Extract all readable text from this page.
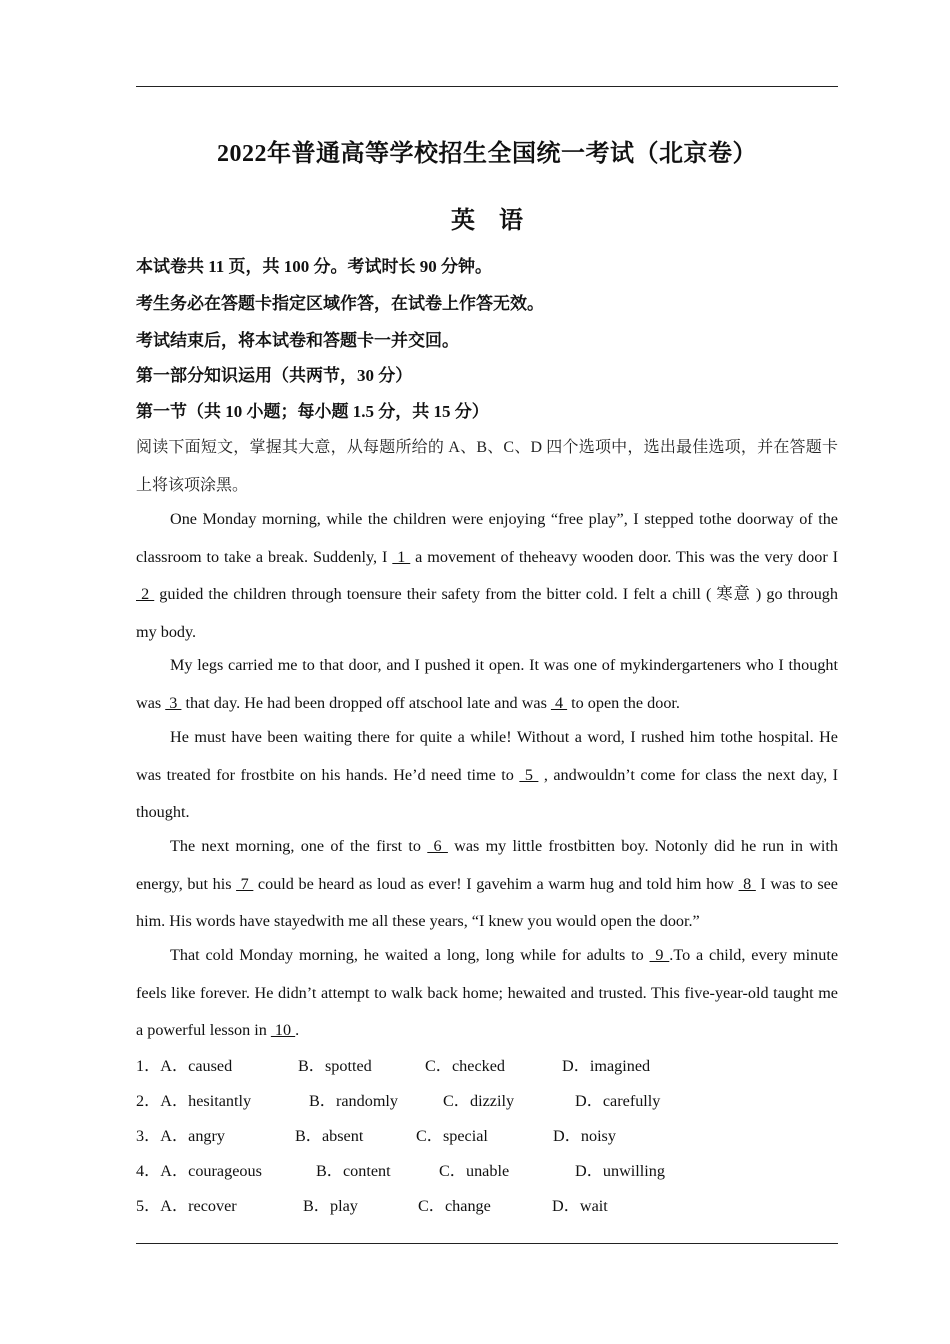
2022年普通高等学校招生全国统一考试（北京卷）
英语
本试卷共 11 页，共 100 分。考试时长 90 分钟。
考生务必在答题卡指定区域作答，在试卷上作答无效。
考试结束后，将本试卷和答题卡一并交回。
第一部分知识运用（共两节，30 分）
第一节（共 10 小题；每小题 1.5 分，共 15 分）
阅读下面短文，掌握其大意，从每题所给的 A、B、C、D 四个选项中，选出最佳选项，并在答题卡上将该项涂黑。
One Monday morning, while the children were enjoying “free play”, I stepped tothe doorway of the classroom to take a break. Suddenly, I  1  a movement of theheavy wooden door. This was the very door I  2  guided the children through toensure their safety from the bitter cold. I felt a chill ( 寒意 ) go through my body.
My legs carried me to that door, and I pushed it open. It was one of mykindergarteners who I thought was  3  that day. He had been dropped off atschool late and was  4  to open the door.
He must have been waiting there for quite a while! Without a word, I rushed him tothe hospital. He was treated for frostbite on his hands. He’d need time to  5  , andwouldn’t come for class the next day, I thought.
The next morning, one of the first to  6  was my little frostbitten boy. Notonly did he run in with energy, but his  7  could be heard as loud as ever! I gavehim a warm hug and told him how  8  I was to see him. His words have stayedwith me all these years, “I knew you would open the door.”
That cold Monday morning, he waited a long, long while for adults to  9 .To a child, every minute feels like forever. He didn’t attempt to walk back home; hewaited and trusted. This five-year-old taught me a powerful lesson in  10 .
1．A．caused	B．spotted	C．checked	D．imagined
2．A．hesitantly	B．randomly	C．dizzily	D．carefully
3．A．angry	B．absent	C．special	D．noisy
4．A．courageous	B．content	C．unable	D．unwilling
5．A．recover	B．play	C．change	D．wait
